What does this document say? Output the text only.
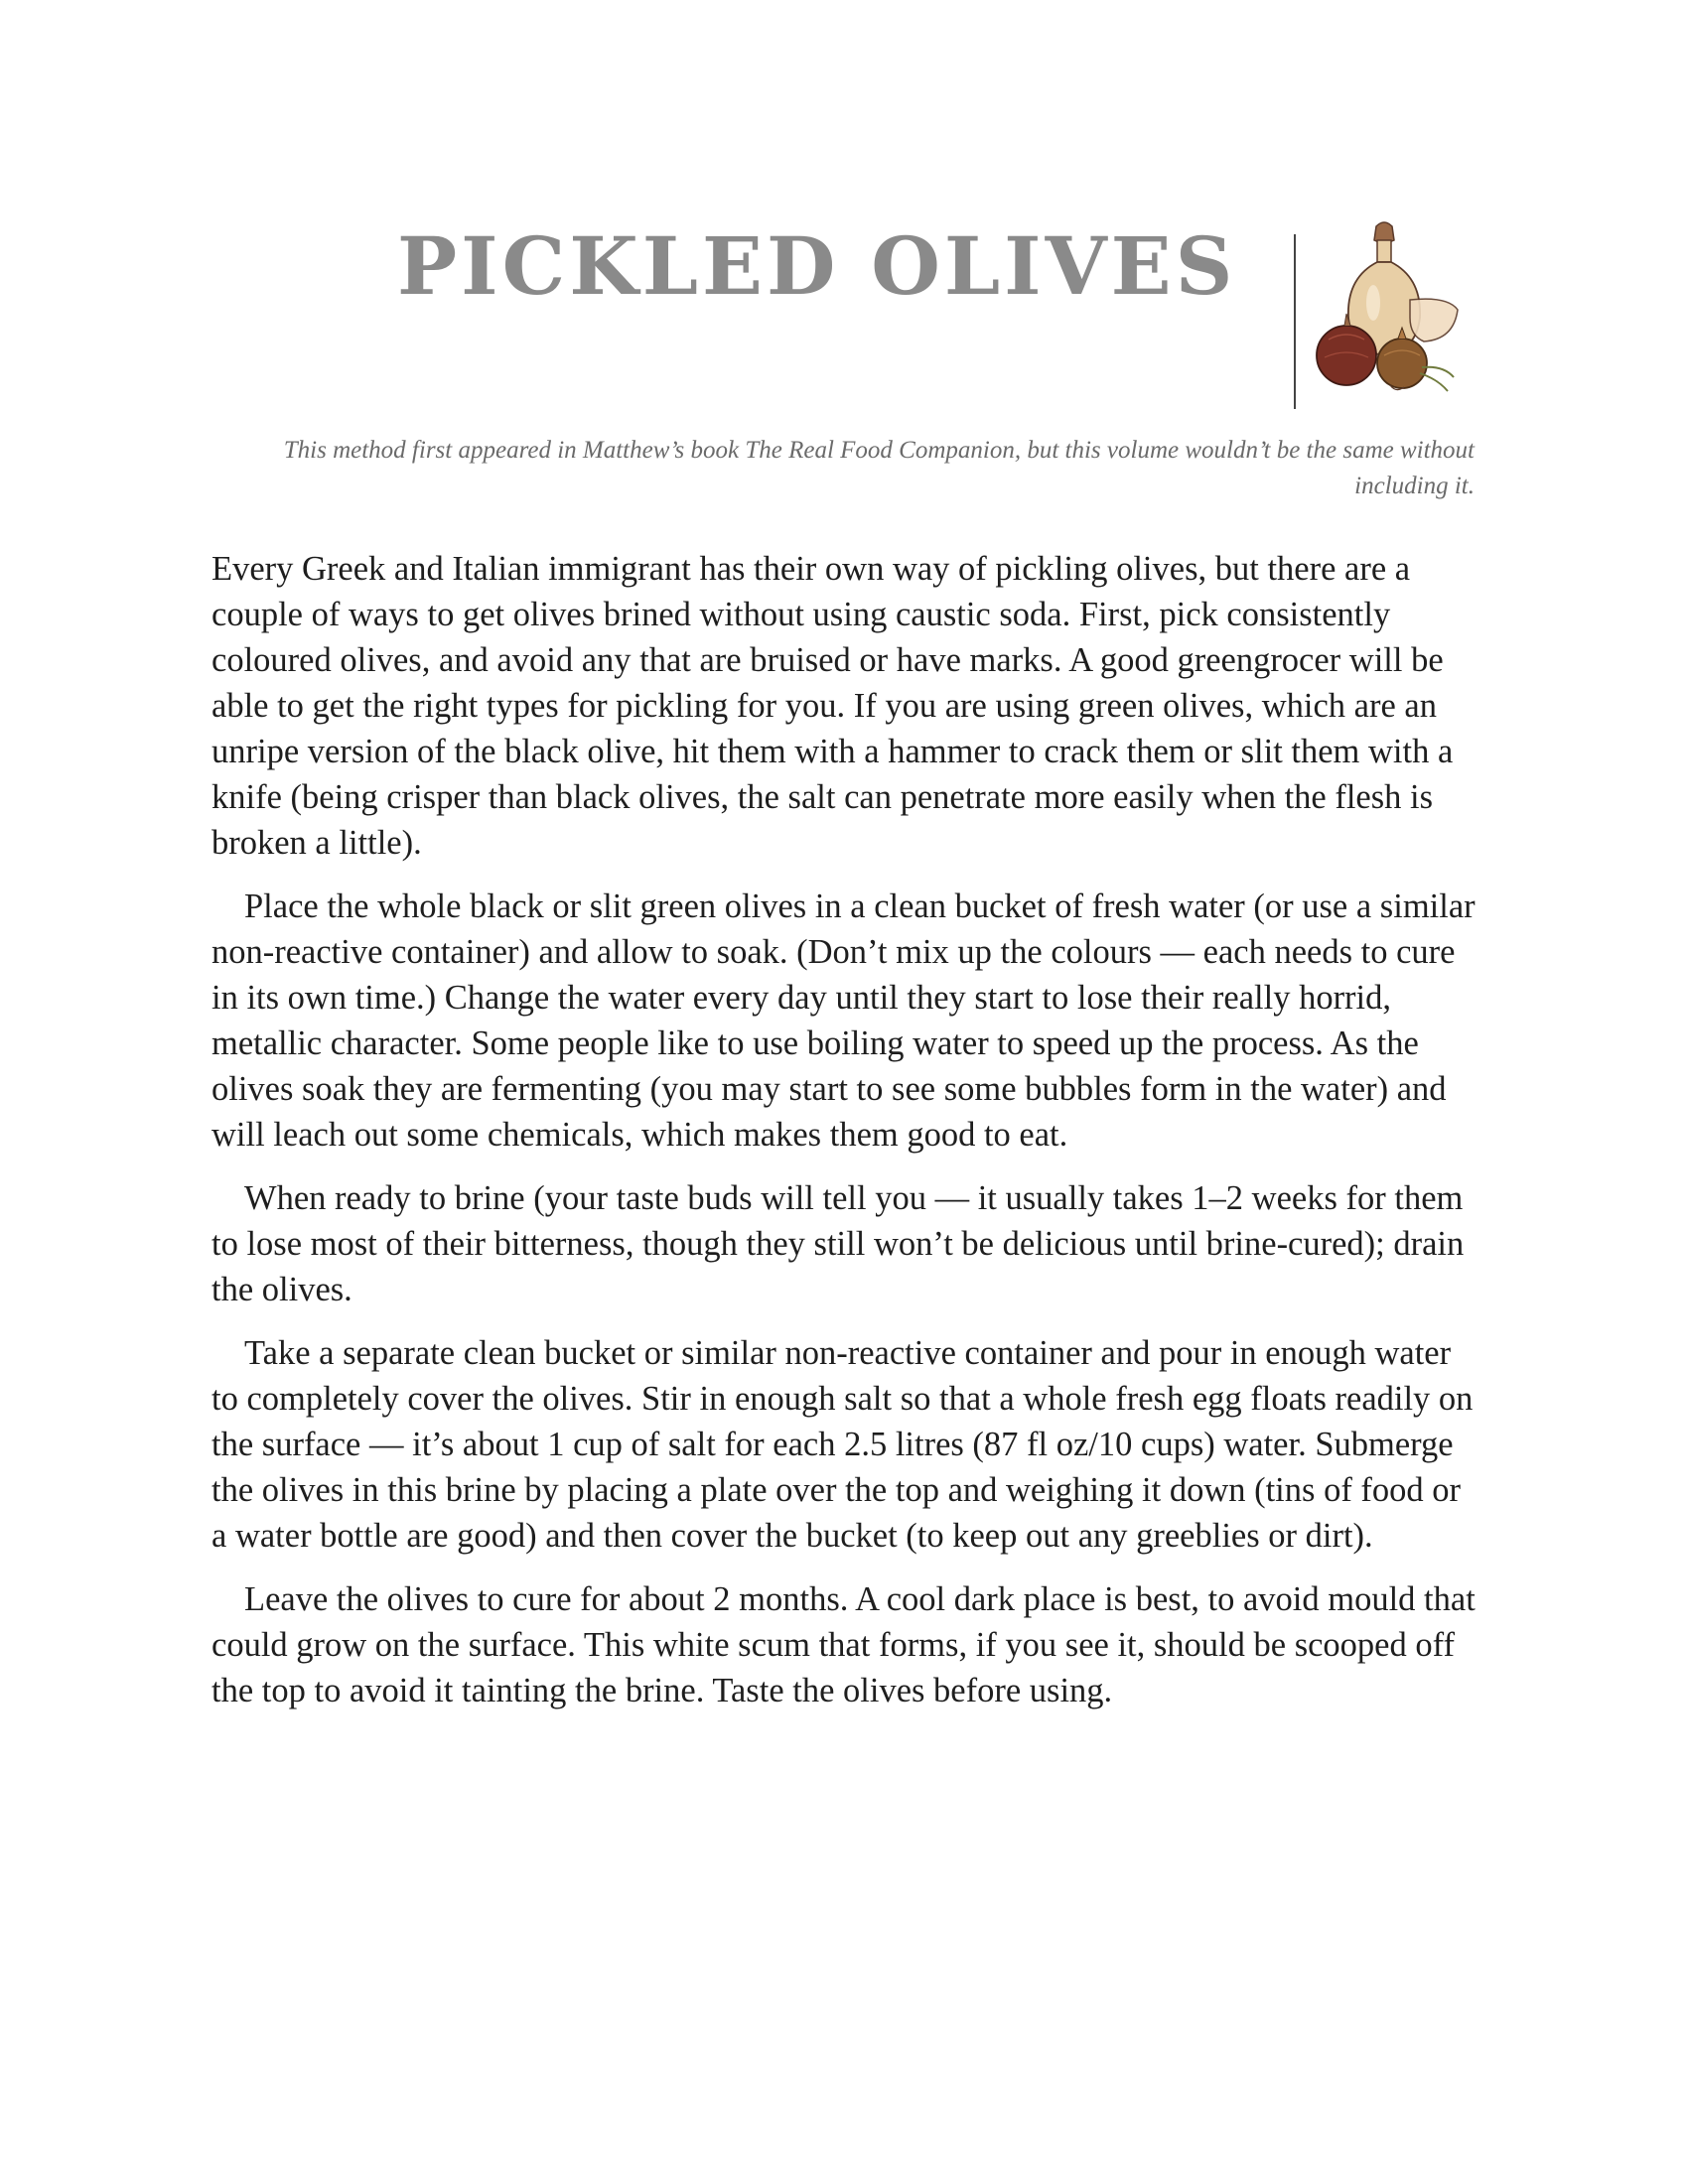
PICKLED OLIVES

This method first appeared in Matthew’s book The Real Food Companion, but this volume wouldn’t be the same without including it.

Every Greek and Italian immigrant has their own way of pickling olives, but there are a couple of ways to get olives brined without using caustic soda. First, pick consistently coloured olives, and avoid any that are bruised or have marks. A good greengrocer will be able to get the right types for pickling for you. If you are using green olives, which are an unripe version of the black olive, hit them with a hammer to crack them or slit them with a knife (being crisper than black olives, the salt can penetrate more easily when the flesh is broken a little).

Place the whole black or slit green olives in a clean bucket of fresh water (or use a similar non-reactive container) and allow to soak. (Don’t mix up the colours — each needs to cure in its own time.) Change the water every day until they start to lose their really horrid, metallic character. Some people like to use boiling water to speed up the process. As the olives soak they are fermenting (you may start to see some bubbles form in the water) and will leach out some chemicals, which makes them good to eat.

When ready to brine (your taste buds will tell you — it usually takes 1–2 weeks for them to lose most of their bitterness, though they still won’t be delicious until brine-cured); drain the olives.

Take a separate clean bucket or similar non-reactive container and pour in enough water to completely cover the olives. Stir in enough salt so that a whole fresh egg floats readily on the surface — it’s about 1 cup of salt for each 2.5 litres (87 fl oz/10 cups) water. Submerge the olives in this brine by placing a plate over the top and weighing it down (tins of food or a water bottle are good) and then cover the bucket (to keep out any greeblies or dirt).

Leave the olives to cure for about 2 months. A cool dark place is best, to avoid mould that could grow on the surface. This white scum that forms, if you see it, should be scooped off the top to avoid it tainting the brine. Taste the olives before using.
